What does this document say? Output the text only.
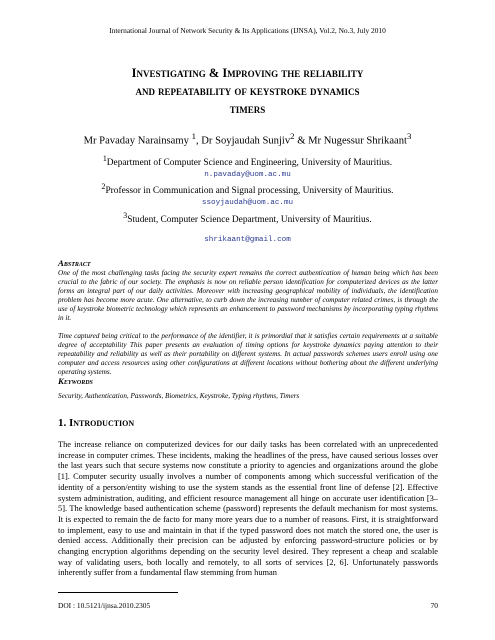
International Journal of Network Security & Its Applications (IJNSA), Vol.2, No.3, July 2010
Investigating & Improving the reliability
and repeatability of keystroke dynamics
timers
Mr Pavaday Narainsamy $^1$, Dr Soyjaudah Sunjiv$^2$ & Mr Nugessur Shrikaant$^3$
$^1$Department of Computer Science and Engineering, University of Mauritius.
n.pavaday@uom.ac.mu
$^2$Professor in Communication and Signal processing, University of Mauritius.
ssoyjaudah@uom.ac.mu
$^3$Student, Computer Science Department, University of Mauritius.
shrikaant@gmail.com
Abstract

One of the most challenging tasks facing the security expert remains the correct authentication of human being which has been crucial to the fabric of our society. The emphasis is now on reliable person identification for computerized devices as the latter forms an integral part of our daily activities. Moreover with increasing geographical mobility of individuals, the identification problem has become more acute. One alternative, to curb down the increasing number of computer related crimes, is through the use of keystroke biometric technology which represents an enhancement to password mechanisms by incorporating typing rhythms in it.

Time captured being critical to the performance of the identifier, it is primordial that it satisfies certain requirements at a suitable degree of acceptability This paper presents an evaluation of timing options for keystroke dynamics paying attention to their repeatability and reliability as well as their portability on different systems. In actual passwords schemes users enroll using one computer and access resources using other configurations at different locations without bothering about the different underlying operating systems.

Keywords
Security, Authentication, Passwords, Biometrics, Keystroke, Typing rhythms, Timers
1. Introduction
The increase reliance on computerized devices for our daily tasks has been correlated with an unprecedented increase in computer crimes. These incidents, making the headlines of the press, have caused serious losses over the last years such that secure systems now constitute a priority to agencies and organizations around the globe [1]. Computer security usually involves a number of components among which successful verification of the identity of a person/entity wishing to use the system stands as the essential front line of defense [2]. Effective system administration, auditing, and efficient resource management all hinge on accurate user identification [3–5]. The knowledge based authentication scheme (password) represents the default mechanism for most systems. It is expected to remain the de facto for many more years due to a number of reasons. First, it is straightforward to implement, easy to use and maintain in that if the typed password does not match the stored one, the user is denied access. Additionally their precision can be adjusted by enforcing password-structure policies or by changing encryption algorithms depending on the security level desired. They represent a cheap and scalable way of validating users, both locally and remotely, to all sorts of services [2, 6]. Unfortunately passwords inherently suffer from a fundamental flaw stemming from human
DOI : 10.5121/ijnsa.2010.2305	70
